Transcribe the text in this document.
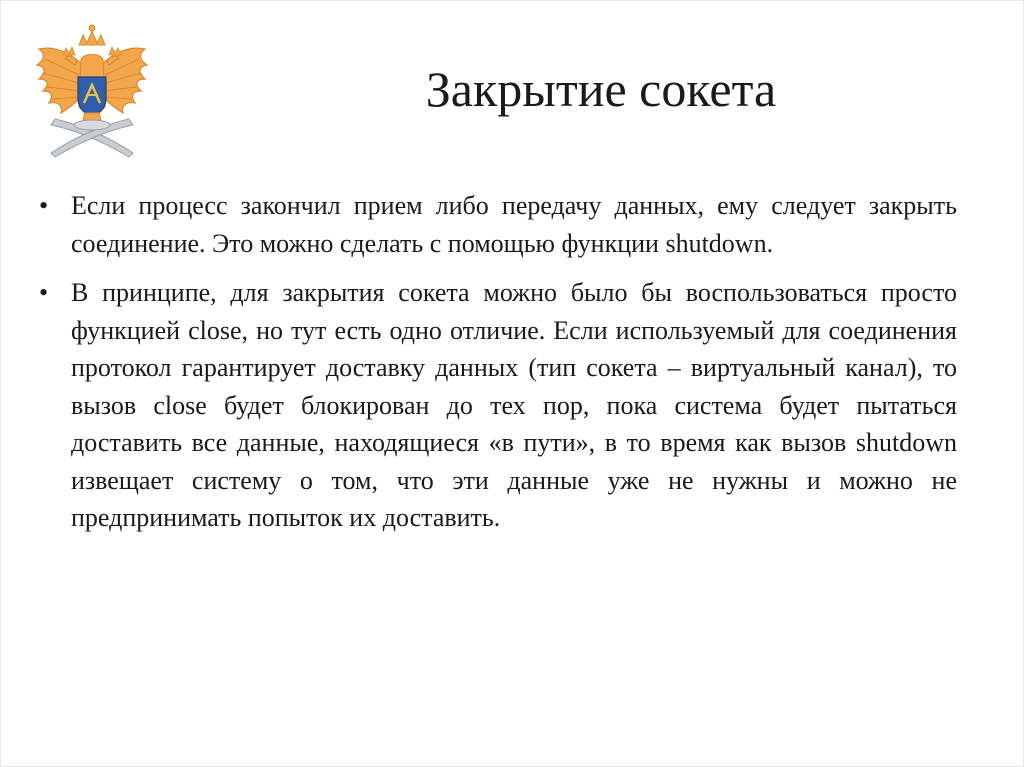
Закрытие сокета
• Если процесс закончил прием либо передачу данных, ему следует закрыть соединение. Это можно сделать с помощью функции shutdown.
• В принципе, для закрытия сокета можно было бы воспользоваться просто функцией close, но тут есть одно отличие. Если используемый для соединения протокол гарантирует доставку данных (тип сокета – виртуальный канал), то вызов close будет блокирован до тех пор, пока система будет пытаться доставить все данные, находящиеся «в пути», в то время как вызов shutdown извещает систему о том, что эти данные уже не нужны и можно не предпринимать попыток их доставить.
